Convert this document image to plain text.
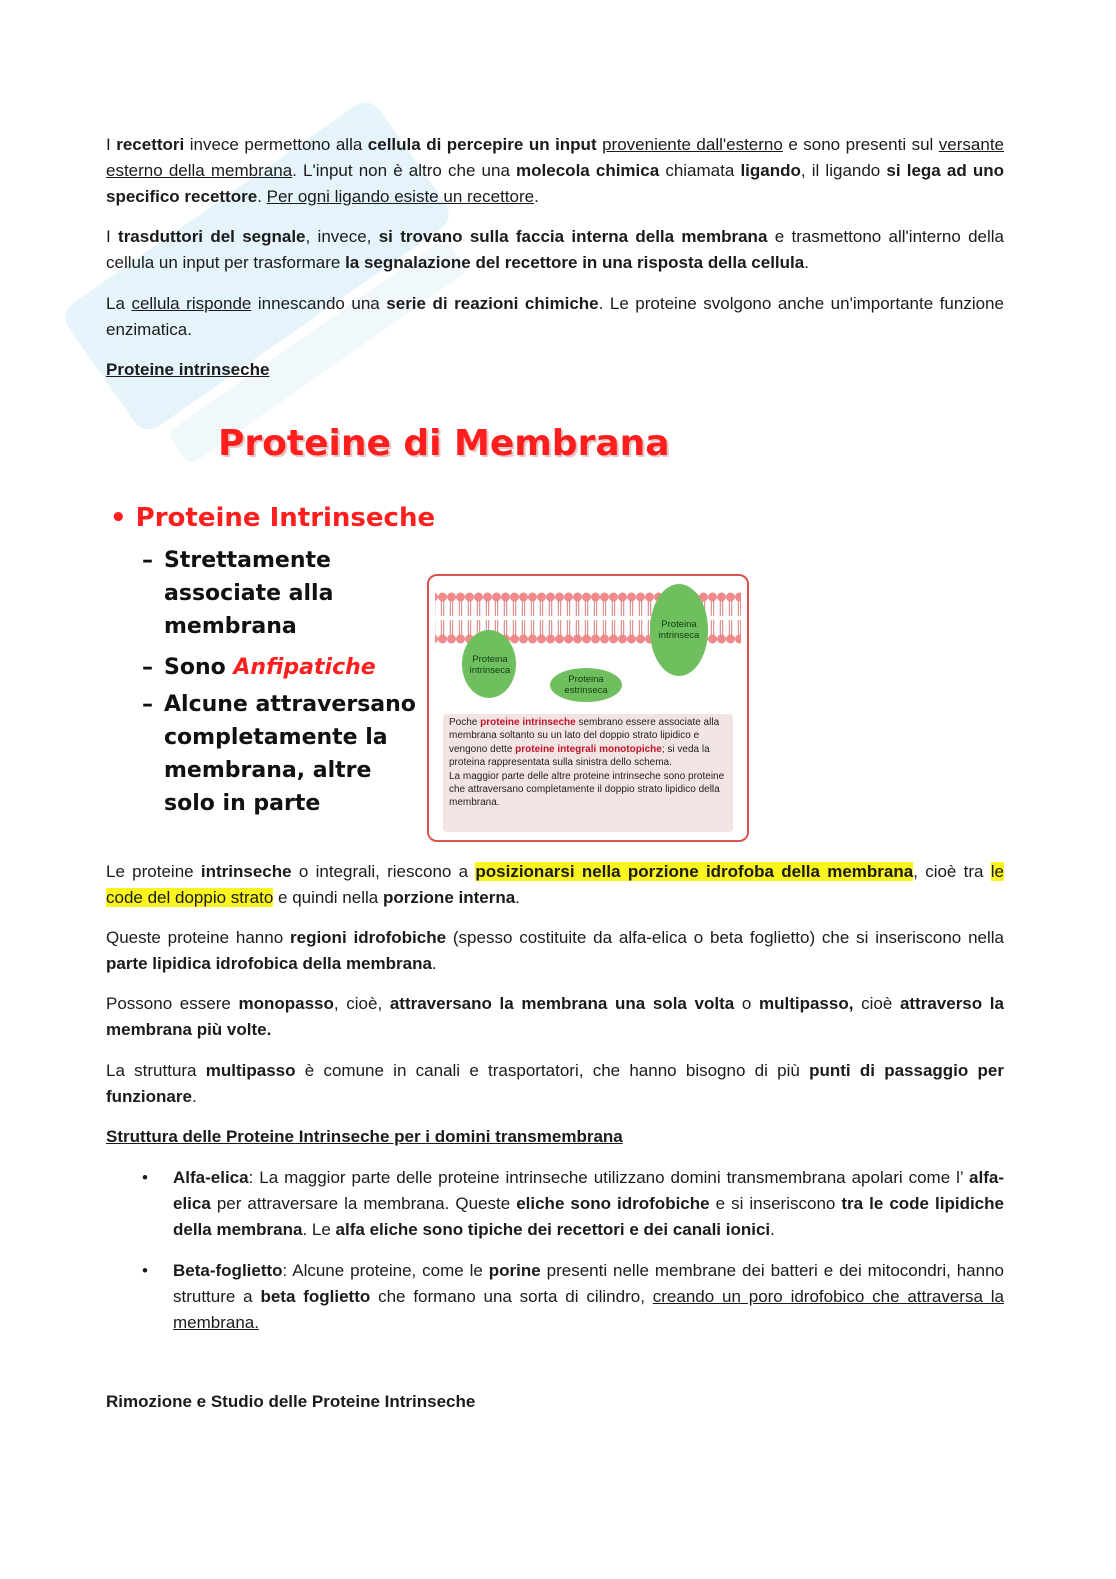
I recettori invece permettono alla cellula di percepire un input proveniente dall'esterno e sono presenti sul versante esterno della membrana. L'input non è altro che una molecola chimica chiamata ligando, il ligando si lega ad uno specifico recettore. Per ogni ligando esiste un recettore.

I trasduttori del segnale, invece, si trovano sulla faccia interna della membrana e trasmettono all'interno della cellula un input per trasformare la segnalazione del recettore in una risposta della cellula.

La cellula risponde innescando una serie di reazioni chimiche. Le proteine svolgono anche un'importante funzione enzimatica.

Proteine intrinseche

Proteine di Membrana
• Proteine Intrinseche
– Strettamente
associate alla
membrana
– Sono Anfipatiche
– Alcune attraversano
completamente la
membrana, altre
solo in parte
Proteina
intrinseca
Proteina
intrinseca
Proteina
estrinseca
Poche proteine intrinseche sembrano essere associate alla membrana soltanto su un lato del doppio strato lipidico e vengono dette proteine integrali monotopiche; si veda la proteina rappresentata sulla sinistra dello schema.
La maggior parte delle altre proteine intrinseche sono proteine che attraversano completamente il doppio strato lipidico della membrana.

Le proteine intrinseche o integrali, riescono a posizionarsi nella porzione idrofoba della membrana, cioè tra le code del doppio strato e quindi nella porzione interna.

Queste proteine hanno regioni idrofobiche (spesso costituite da alfa-elica o beta foglietto) che si inseriscono nella parte lipidica idrofobica della membrana.

Possono essere monopasso, cioè, attraversano la membrana una sola volta o multipasso, cioè attraverso la membrana più volte.

La struttura multipasso è comune in canali e trasportatori, che hanno bisogno di più punti di passaggio per funzionare.

Struttura delle Proteine Intrinseche per i domini transmembrana

• Alfa-elica: La maggior parte delle proteine intrinseche utilizzano domini transmembrana apolari come l’ alfa-elica per attraversare la membrana. Queste eliche sono idrofobiche e si inseriscono tra le code lipidiche della membrana. Le alfa eliche sono tipiche dei recettori e dei canali ionici.
• Beta-foglietto: Alcune proteine, come le porine presenti nelle membrane dei batteri e dei mitocondri, hanno strutture a beta foglietto che formano una sorta di cilindro, creando un poro idrofobico che attraversa la membrana.

Rimozione e Studio delle Proteine Intrinseche
